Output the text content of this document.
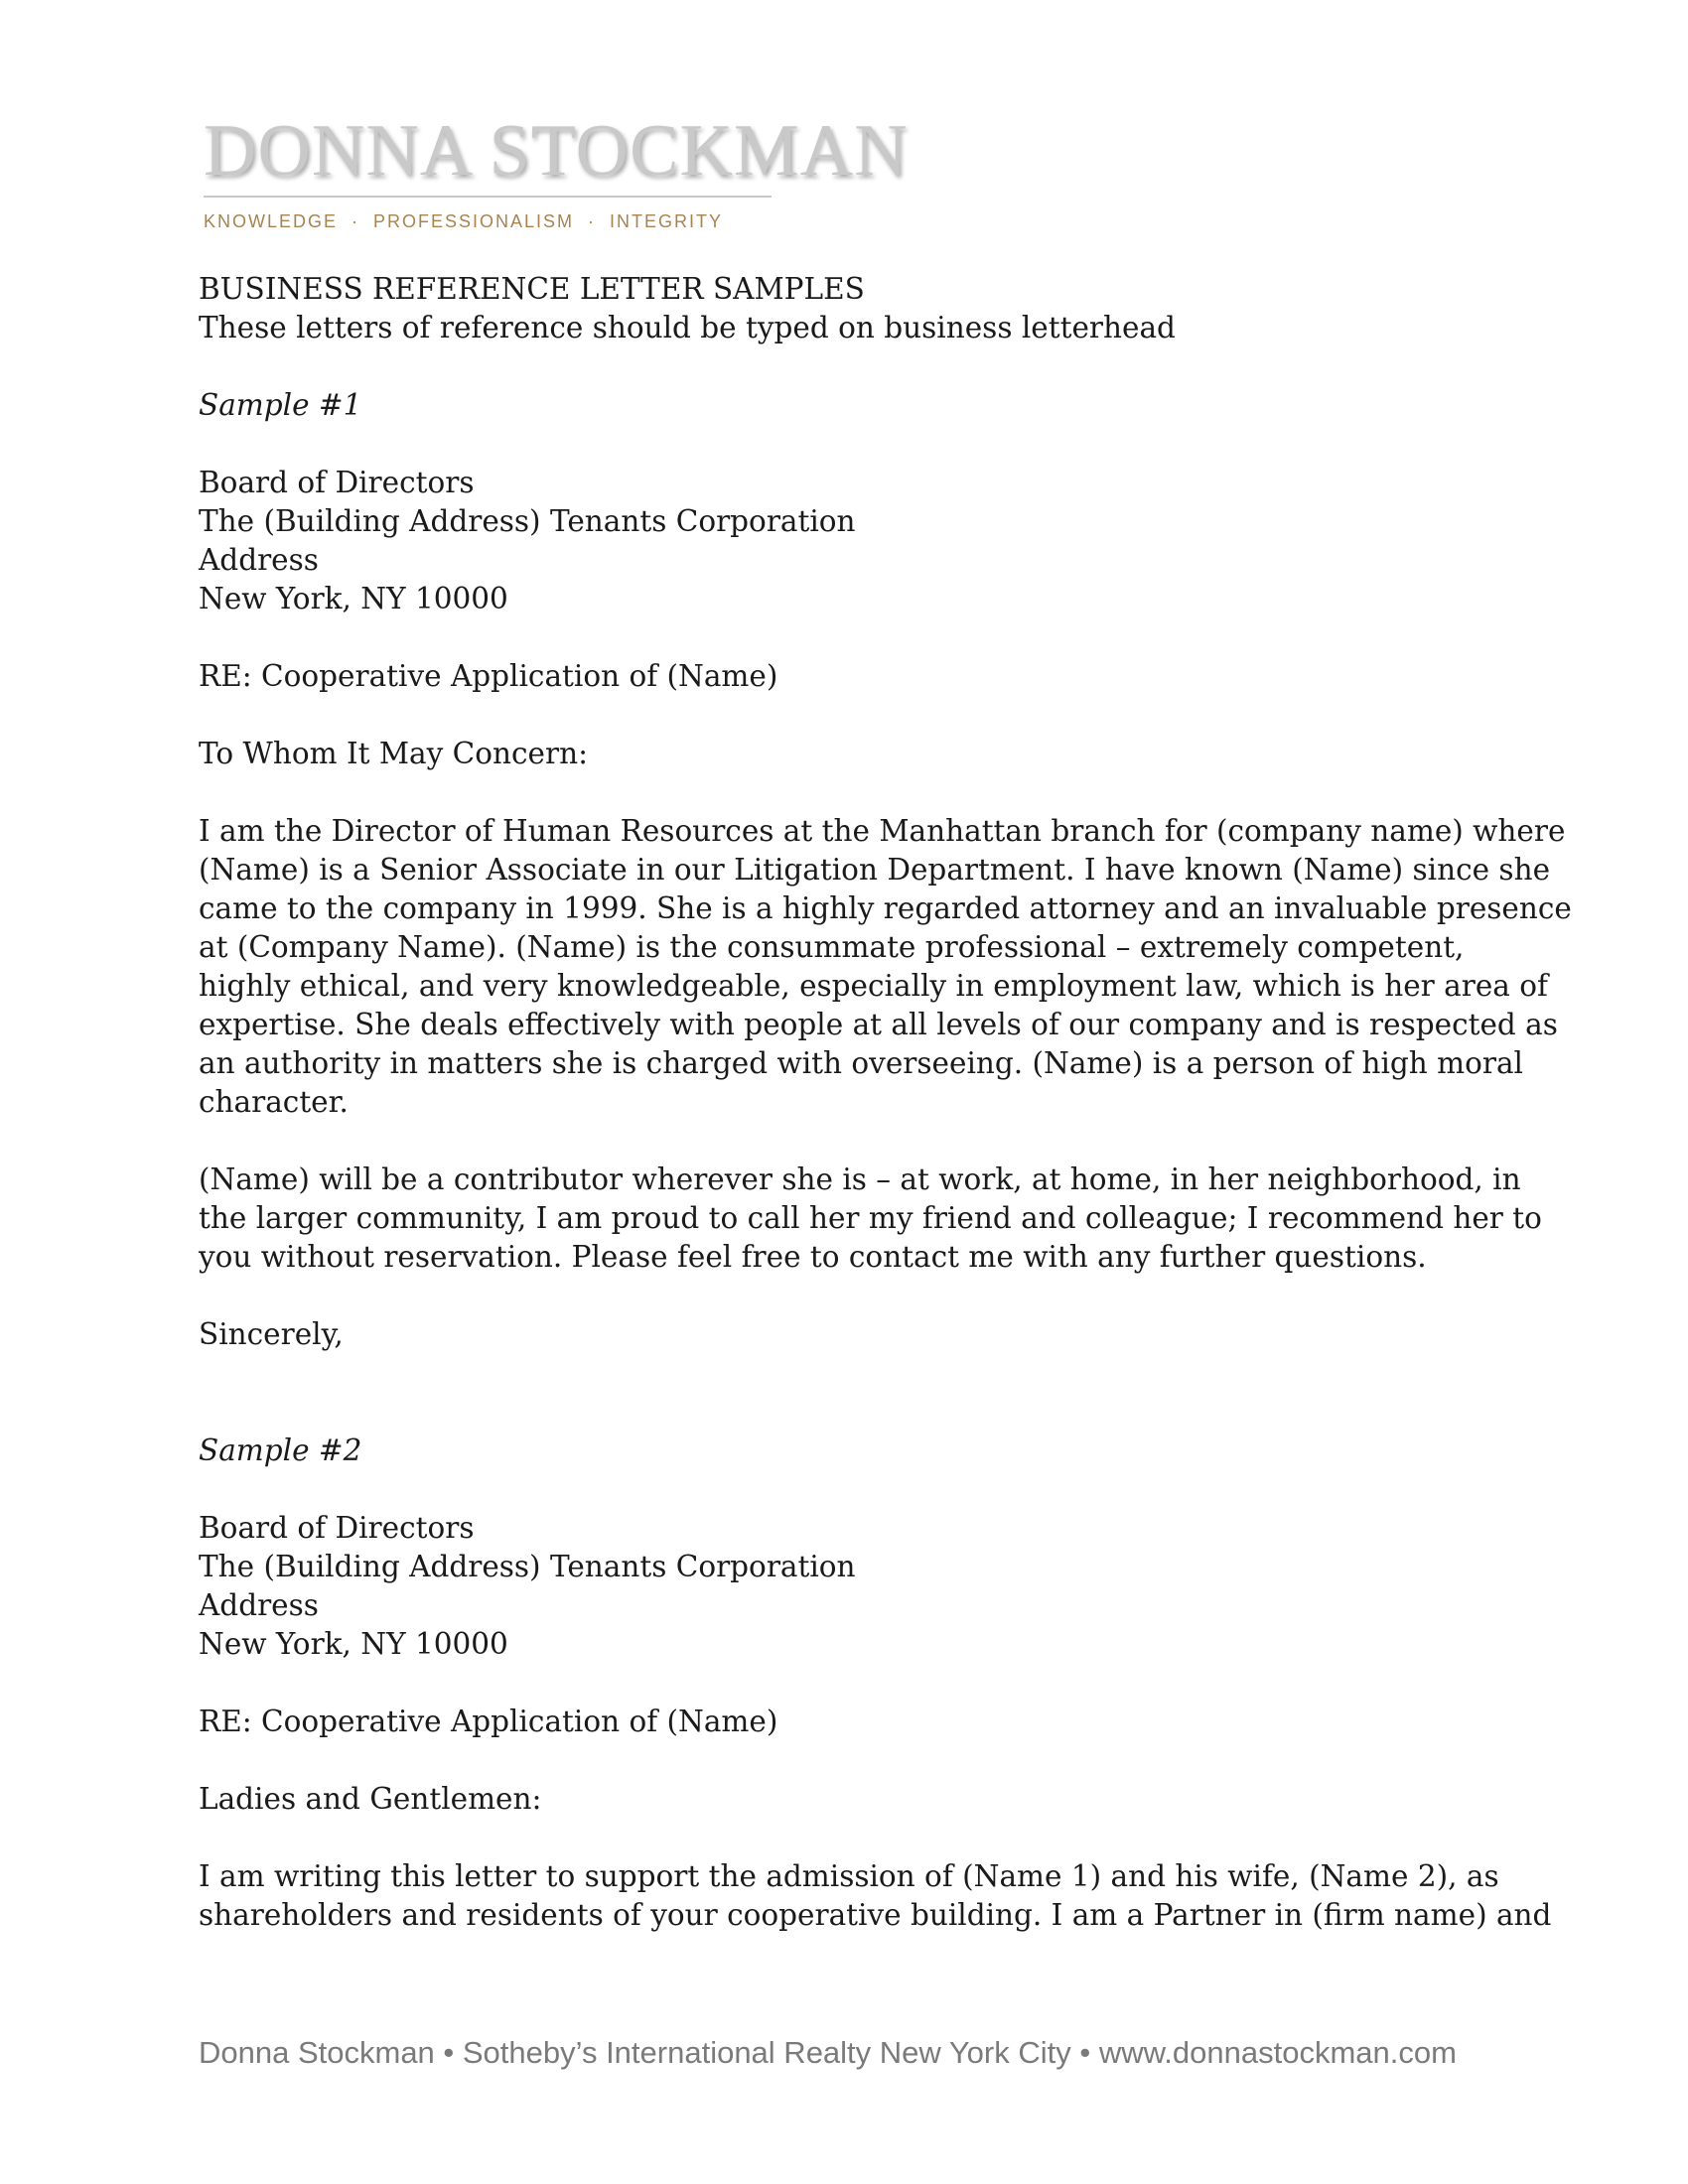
DONNA STOCKMAN
KNOWLEDGE  ·  PROFESSIONALISM  ·  INTEGRITY
BUSINESS REFERENCE LETTER SAMPLES
These letters of reference should be typed on business letterhead
Sample #1
Board of Directors
The (Building Address) Tenants Corporation
Address
New York, NY 10000
RE: Cooperative Application of (Name)
To Whom It May Concern:
I am the Director of Human Resources at the Manhattan branch for (company name) where
(Name) is a Senior Associate in our Litigation Department. I have known (Name) since she
came to the company in 1999. She is a highly regarded attorney and an invaluable presence
at (Company Name). (Name) is the consummate professional – extremely competent,
highly ethical, and very knowledgeable, especially in employment law, which is her area of
expertise. She deals effectively with people at all levels of our company and is respected as
an authority in matters she is charged with overseeing. (Name) is a person of high moral
character.
(Name) will be a contributor wherever she is – at work, at home, in her neighborhood, in
the larger community, I am proud to call her my friend and colleague; I recommend her to
you without reservation. Please feel free to contact me with any further questions.
Sincerely,
Sample #2
Board of Directors
The (Building Address) Tenants Corporation
Address
New York, NY 10000
RE: Cooperative Application of (Name)
Ladies and Gentlemen:
I am writing this letter to support the admission of (Name 1) and his wife, (Name 2), as
shareholders and residents of your cooperative building. I am a Partner in (firm name) and
Donna Stockman • Sotheby’s International Realty New York City • www.donnastockman.com
